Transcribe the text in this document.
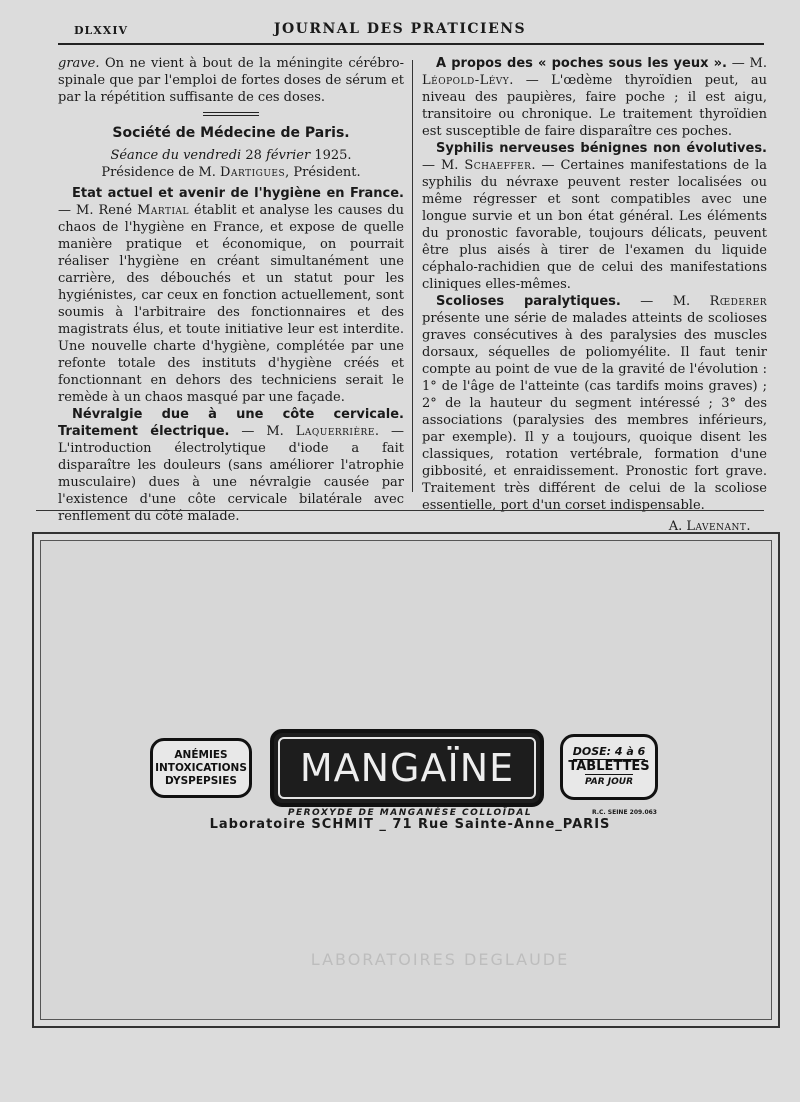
DLXXIV	JOURNAL DES PRATICIENS

grave. On ne vient à bout de la méningite cérébro-spinale que par l'emploi de fortes doses de sérum et par la répétition suffisante de ces doses.

Société de Médecine de Paris.
Séance du vendredi 28 février 1925.
Présidence de M. Dartigues, Président.

Etat actuel et avenir de l'hygiène en France. — M. René Martial établit et analyse les causes du chaos de l'hygiène en France, et expose de quelle manière pratique et économique, on pourrait réaliser l'hygiène en créant simultanément une carrière, des débouchés et un statut pour les hygiénistes, car ceux en fonction actuellement, sont soumis à l'arbitraire des fonctionnaires et des magistrats élus, et toute initiative leur est interdite. Une nouvelle charte d'hygiène, complétée par une refonte totale des instituts d'hygiène créés et fonctionnant en dehors des techniciens serait le remède à un chaos masqué par une façade.

Névralgie due à une côte cervicale. Traitement électrique. — M. Laquerrière. — L'introduction électrolytique d'iode a fait disparaître les douleurs (sans améliorer l'atrophie musculaire) dues à une névralgie causée par l'existence d'une côte cervicale bilatérale avec renflement du côté malade.

A propos des « poches sous les yeux ». — M. Léopold-Lévy. — L'œdème thyroïdien peut, au niveau des paupières, faire poche ; il est aigu, transitoire ou chronique. Le traitement thyroïdien est susceptible de faire disparaître ces poches.

Syphilis nerveuses bénignes non évolutives. — M. Schaeffer. — Certaines manifestations de la syphilis du névraxe peuvent rester localisées ou même régresser et sont compatibles avec une longue survie et un bon état général. Les éléments du pronostic favorable, toujours délicats, peuvent être plus aisés à tirer de l'examen du liquide céphalo-rachidien que de celui des manifestations cliniques elles-mêmes.

Scolioses paralytiques. — M. Rœderer présente une série de malades atteints de scolioses graves consécutives à des paralysies des muscles dorsaux, séquelles de poliomyélite. Il faut tenir compte au point de vue de la gravité de l'évolution : 1° de l'âge de l'atteinte (cas tardifs moins graves) ; 2° de la hauteur du segment intéressé ; 3° des associations (paralysies des membres inférieurs, par exemple). Il y a toujours, quoique disent les classiques, rotation vertébrale, formation d'une gibbosité, et enraidissement. Pronostic fort grave. Traitement très différent de celui de la scoliose essentielle, port d'un corset indispensable.

A. Lavenant.
LABORATOIRES DEGLAUDE
ANÉMIES
INTOXICATIONS
DYSPEPSIES	MANGAÏNE	DOSE: 4 à 6
TABLETTES
PAR JOUR
PEROXYDE DE MANGANÈSE COLLOÏDAL	R.C. SEINE 209.063
Laboratoire SCHMIT _ 71 Rue Sainte-Anne_PARIS
